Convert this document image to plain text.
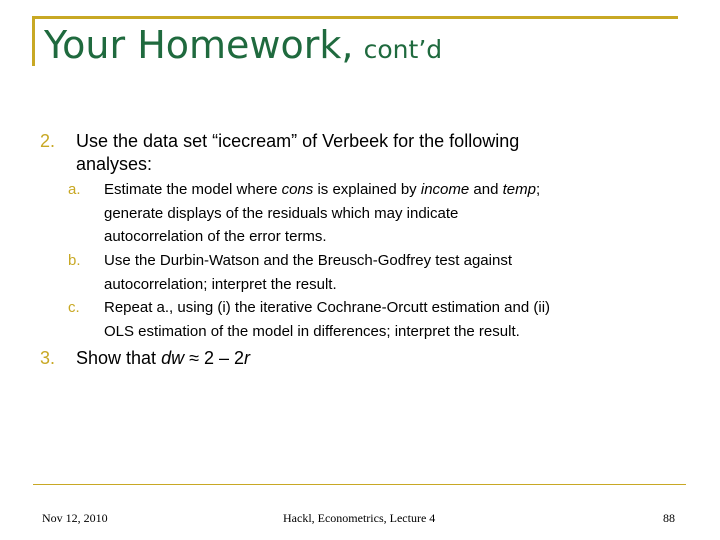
Your Homework, cont’d
2. Use the data set “icecream” of Verbeek for the following
analyses:
a. Estimate the model where cons is explained by income and temp;
generate displays of the residuals which may indicate
autocorrelation of the error terms.
b. Use the Durbin-Watson and the Breusch-Godfrey test against
autocorrelation; interpret the result.
c. Repeat a., using (i) the iterative Cochrane-Orcutt estimation and (ii)
OLS estimation of the model in differences; interpret the result.
3. Show that dw ≈ 2 – 2r
Nov 12, 2010	Hackl, Econometrics, Lecture 4	88
